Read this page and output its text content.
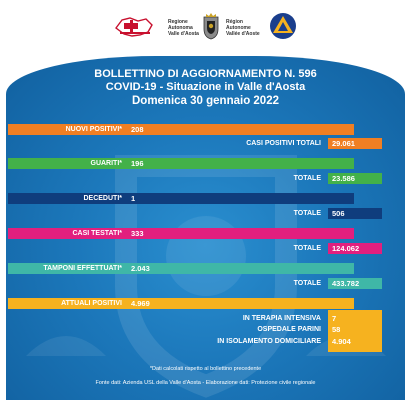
Regione Autonoma Valle d'Aosta
Région Autonome Vallée d'Aoste
BOLLETTINO DI AGGIORNAMENTO N. 596
COVID-19 - Situazione in Valle d'Aosta
Domenica 30 gennaio 2022
NUOVI POSITIVI* 208
CASI POSITIVI TOTALI 29.061
GUARITI* 196
TOTALE 23.586
DECEDUTI* 1
TOTALE 506
CASI TESTATI* 333
TOTALE 124.062
TAMPONI EFFETTUATI* 2.043
TOTALE 433.782
ATTUALI POSITIVI 4.969
IN TERAPIA INTENSIVA 7
OSPEDALE PARINI 58
IN ISOLAMENTO DOMICILIARE 4.904
*Dati calcolati rispetto al bollettino precedente
Fonte dati: Azienda USL della Valle d'Aosta - Elaborazione dati: Protezione civile regionale
